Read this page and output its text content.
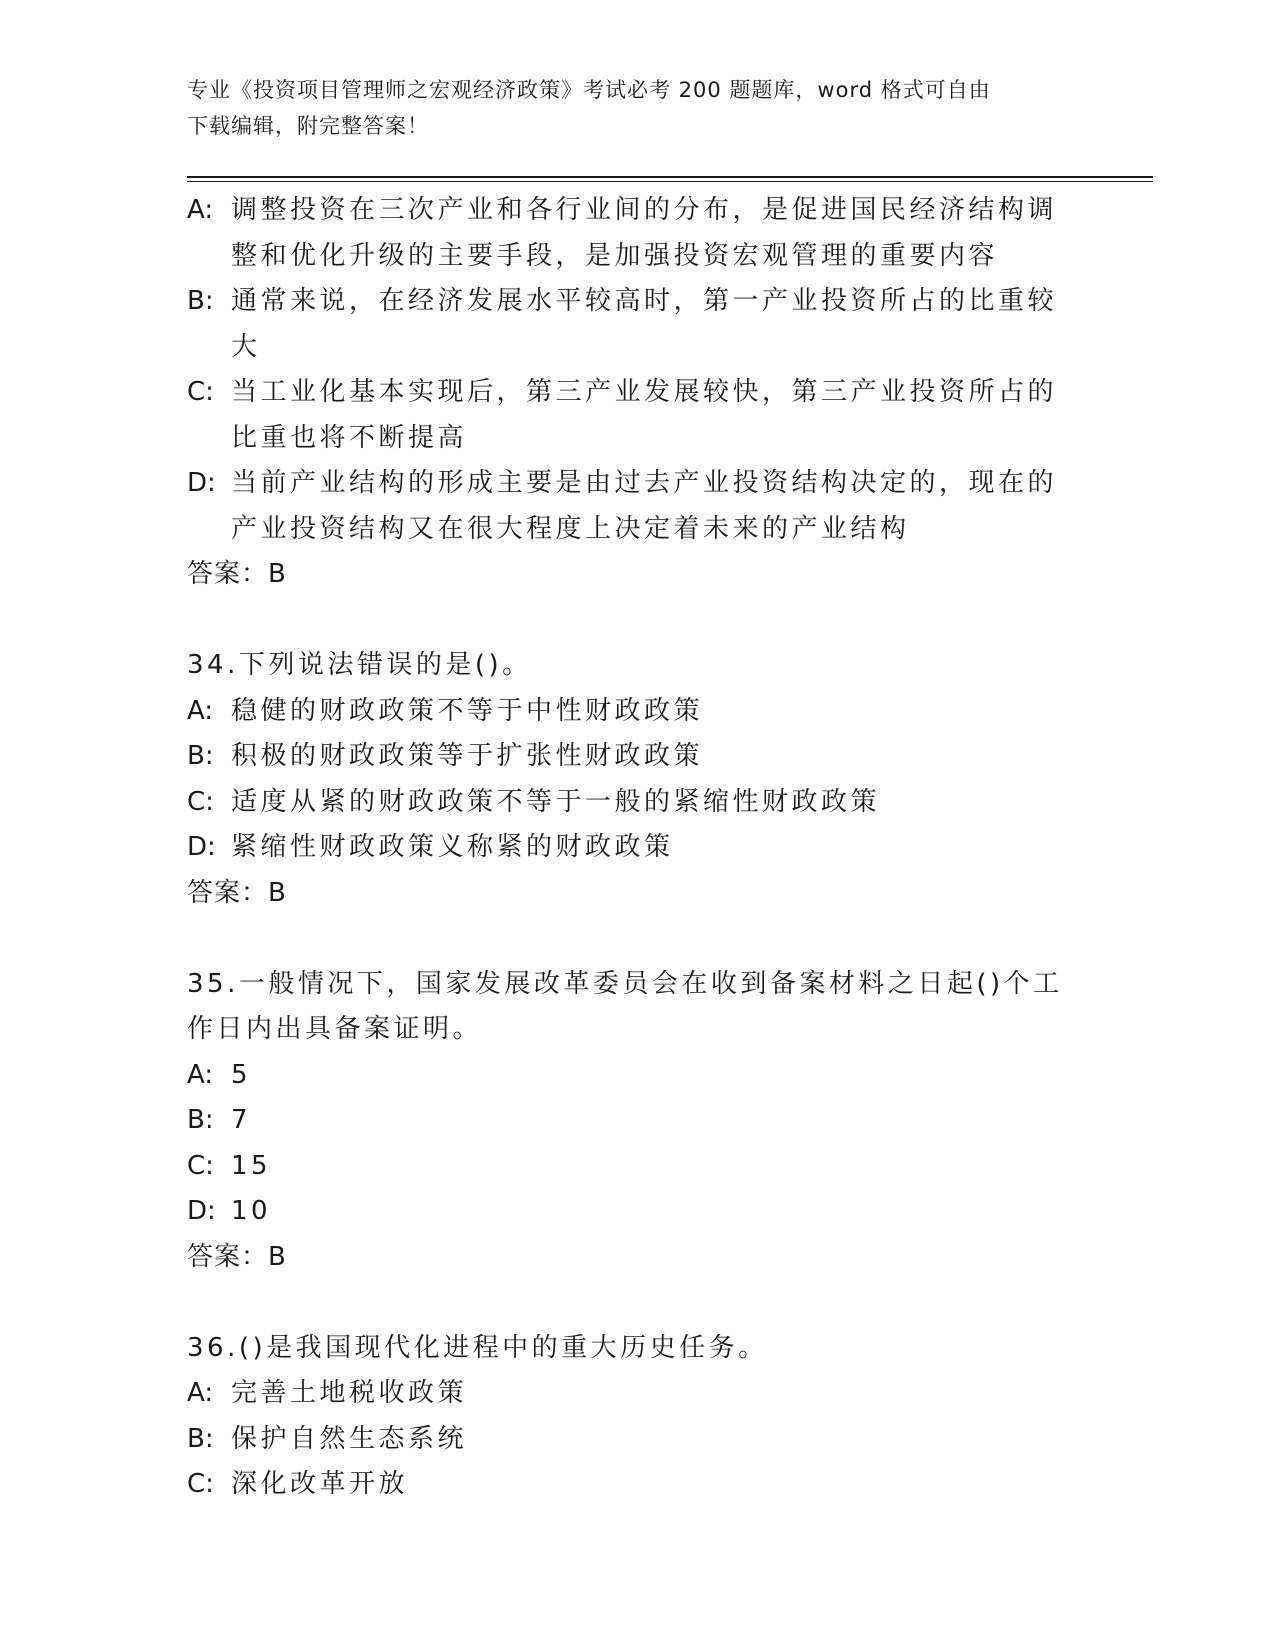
专业《投资项目管理师之宏观经济政策》考试必考 200 题题库，word 格式可自由
下载编辑，附完整答案！
A: 调整投资在三次产业和各行业间的分布，是促进国民经济结构调整和优化升级的主要手段，是加强投资宏观管理的重要内容
B: 通常来说，在经济发展水平较高时，第一产业投资所占的比重较大
C: 当工业化基本实现后，第三产业发展较快，第三产业投资所占的比重也将不断提高
D: 当前产业结构的形成主要是由过去产业投资结构决定的，现在的产业投资结构又在很大程度上决定着未来的产业结构
答案：B
34.下列说法错误的是()。
A: 稳健的财政政策不等于中性财政政策
B: 积极的财政政策等于扩张性财政政策
C: 适度从紧的财政政策不等于一般的紧缩性财政政策
D: 紧缩性财政政策义称紧的财政政策
答案：B
35.一般情况下，国家发展改革委员会在收到备案材料之日起()个工作日内出具备案证明。
A: 5
B: 7
C: 15
D: 10
答案：B
36.()是我国现代化进程中的重大历史任务。
A: 完善土地税收政策
B: 保护自然生态系统
C: 深化改革开放
